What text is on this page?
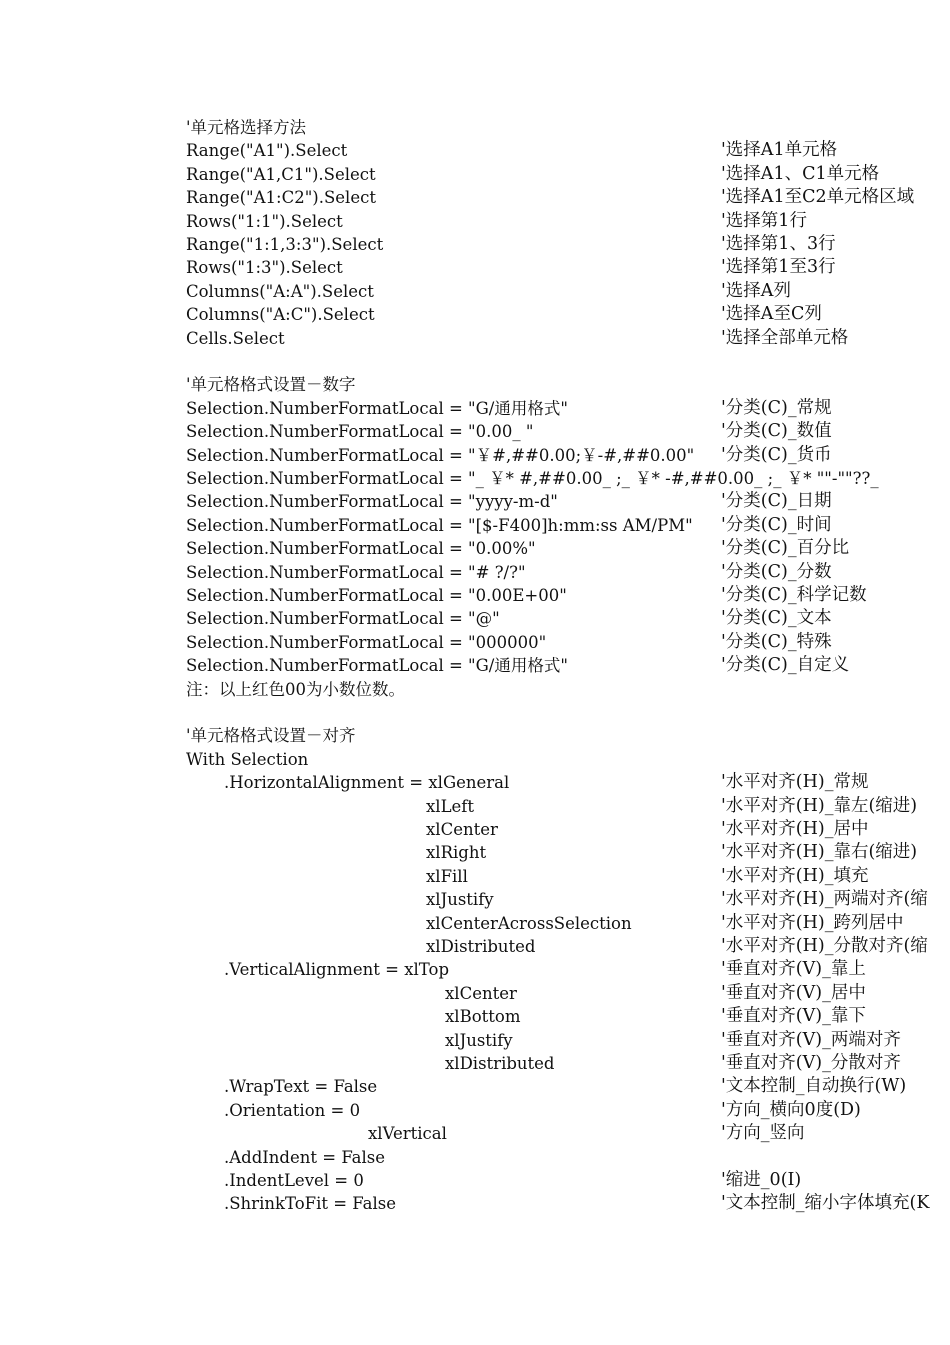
'单元格选择方法
Range("A1").Select	'选择A1单元格
Range("A1,C1").Select	'选择A1、C1单元格
Range("A1:C2").Select	'选择A1至C2单元格区域
Rows("1:1").Select	'选择第1行
Range("1:1,3:3").Select	'选择第1、3行
Rows("1:3").Select	'选择第1至3行
Columns("A:A").Select	'选择A列
Columns("A:C").Select	'选择A至C列
Cells.Select	'选择全部单元格
'单元格格式设置－数字
Selection.NumberFormatLocal = "G/通用格式"	'分类(C)_常规
Selection.NumberFormatLocal = "0.00_ "	'分类(C)_数值
Selection.NumberFormatLocal = "￥#,##0.00;￥-#,##0.00" '分类(C)_货币
Selection.NumberFormatLocal = "_ ￥* #,##0.00_ ;_ ￥* -#,##0.00_ ;_ ￥* ""-""??_
Selection.NumberFormatLocal = "yyyy-m-d"	'分类(C)_日期
Selection.NumberFormatLocal = "[$-F400]h:mm:ss AM/PM" '分类(C)_时间
Selection.NumberFormatLocal = "0.00%"	'分类(C)_百分比
Selection.NumberFormatLocal = "# ?/?"	'分类(C)_分数
Selection.NumberFormatLocal = "0.00E+00"	'分类(C)_科学记数
Selection.NumberFormatLocal = "@"	'分类(C)_文本
Selection.NumberFormatLocal = "000000"	'分类(C)_特殊
Selection.NumberFormatLocal = "G/通用格式"	'分类(C)_自定义
注：以上红色00为小数位数。
'单元格格式设置－对齐
With Selection
.HorizontalAlignment = xlGeneral	'水平对齐(H)_常规
xlLeft	'水平对齐(H)_靠左(缩进)
xlCenter	'水平对齐(H)_居中
xlRight	'水平对齐(H)_靠右(缩进)
xlFill	'水平对齐(H)_填充
xlJustify	'水平对齐(H)_两端对齐(缩
xlCenterAcrossSelection	'水平对齐(H)_跨列居中
xlDistributed	'水平对齐(H)_分散对齐(缩
.VerticalAlignment = xlTop	'垂直对齐(V)_靠上
xlCenter	'垂直对齐(V)_居中
xlBottom	'垂直对齐(V)_靠下
xlJustify	'垂直对齐(V)_两端对齐
xlDistributed	'垂直对齐(V)_分散对齐
.WrapText = False	'文本控制_自动换行(W)
.Orientation = 0	'方向_横向0度(D)
xlVertical	'方向_竖向
.AddIndent = False
.IndentLevel = 0	'缩进_0(I)
.ShrinkToFit = False	'文本控制_缩小字体填充(K
